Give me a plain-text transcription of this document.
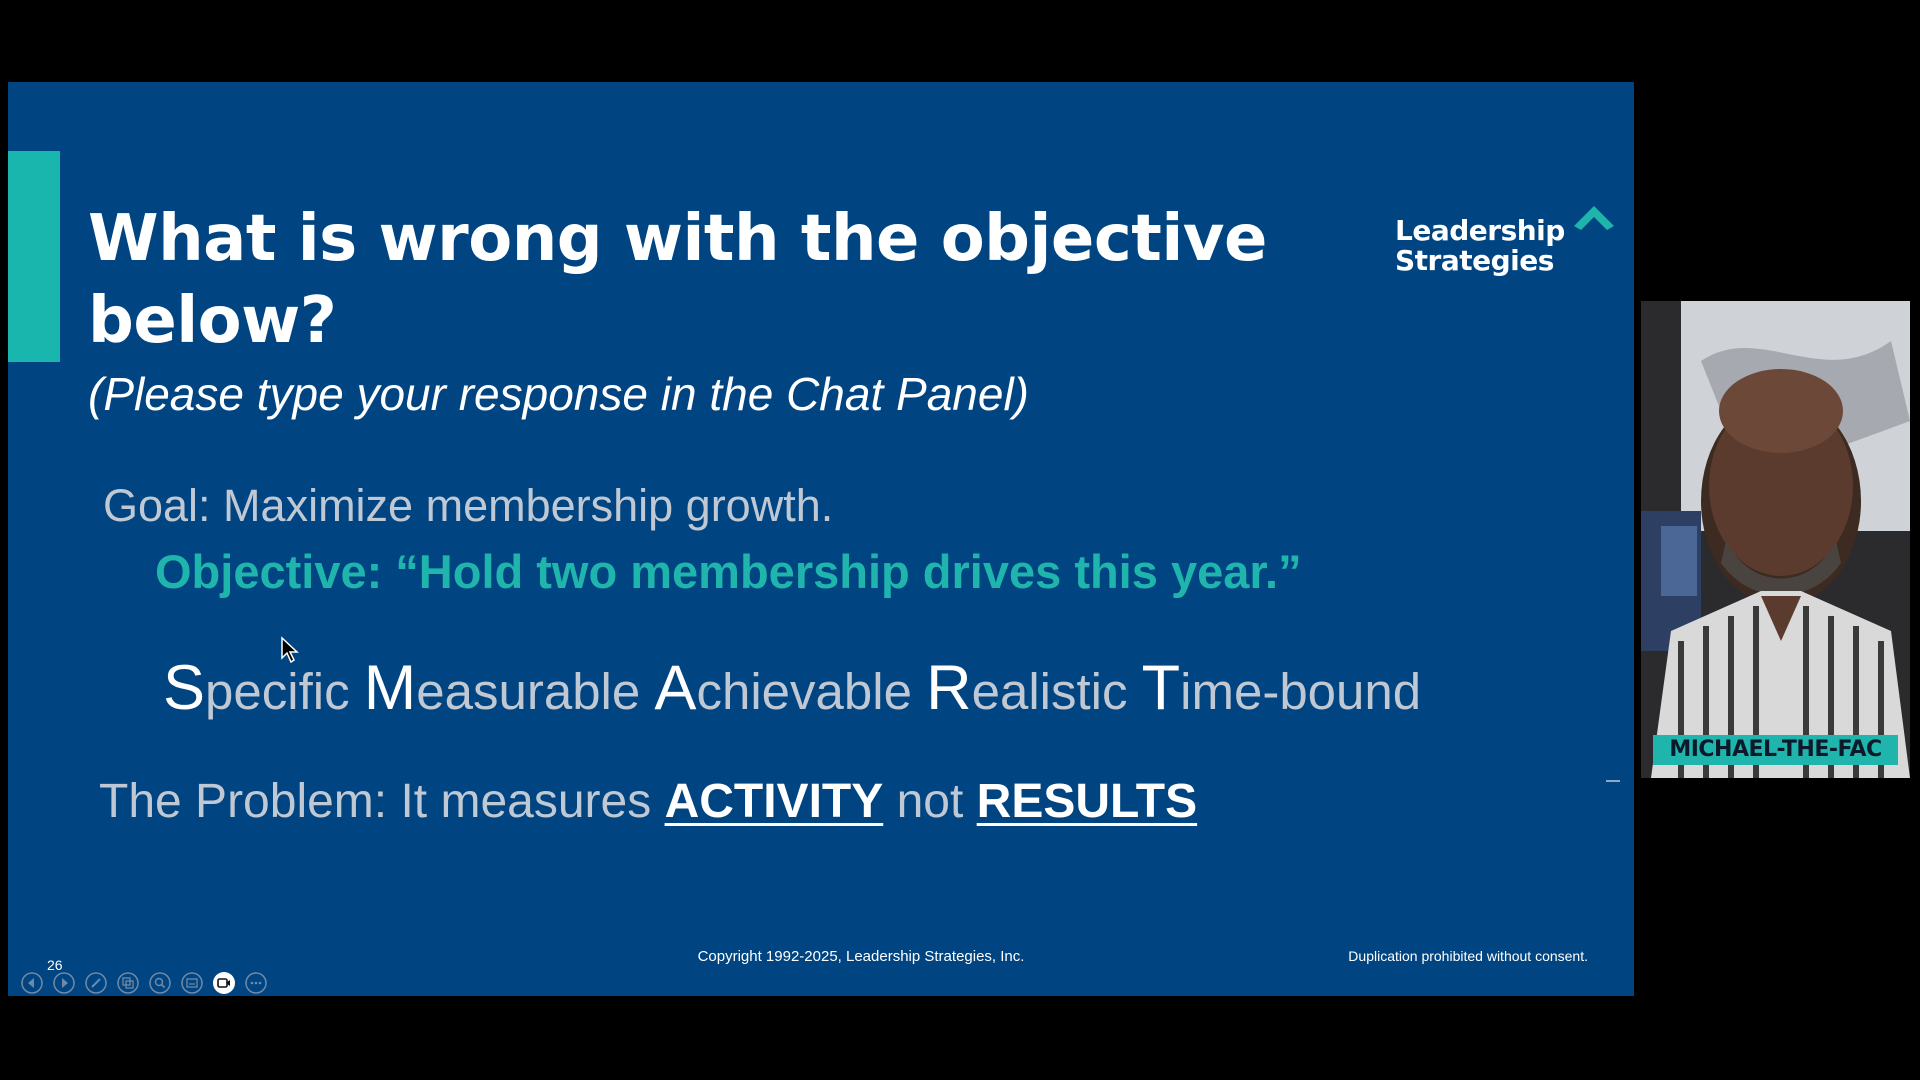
What is wrong with the objective below?

(Please type your response in the Chat Panel)

Leadership
Strategies

Goal: Maximize membership growth.

Objective: “Hold two membership drives this year.”

Specific Measurable Achievable Realistic Time-bound

The Problem: It measures ACTIVITY not RESULTS

Copyright 1992-2025, Leadership Strategies, Inc.	Duplication prohibited without consent.
26
MICHAEL-THE-FAC
